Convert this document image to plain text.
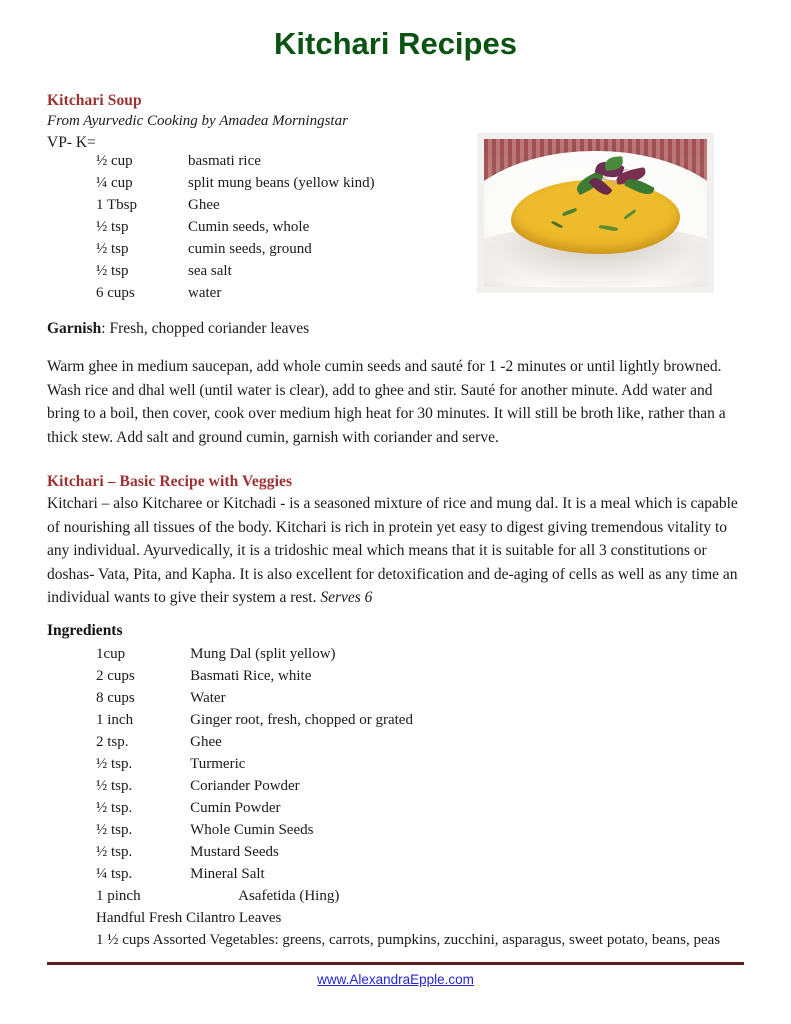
Kitchari Recipes
Kitchari Soup
From Ayurvedic Cooking by Amadea Morningstar
VP- K=
½ cup	basmati rice
¼ cup	split mung beans (yellow kind)
1 Tbsp	Ghee
½ tsp	Cumin seeds, whole
½ tsp	cumin seeds, ground
½ tsp	sea salt
6 cups	water
Garnish: Fresh, chopped coriander leaves
Warm ghee in medium saucepan, add whole cumin seeds and sauté for 1 -2 minutes or until lightly browned. Wash rice and dhal well (until water is clear), add to ghee and stir. Sauté for another minute. Add water and bring to a boil, then cover, cook over medium high heat for 30 minutes. It will still be broth like, rather than a thick stew. Add salt and ground cumin, garnish with coriander and serve.
Kitchari – Basic Recipe with Veggies
Kitchari – also Kitcharee or Kitchadi - is a seasoned mixture of rice and mung dal. It is a meal which is capable of nourishing all tissues of the body. Kitchari is rich in protein yet easy to digest giving tremendous vitality to any individual. Ayurvedically, it is a tridoshic meal which means that it is suitable for all 3 constitutions or doshas- Vata, Pita, and Kapha. It is also excellent for detoxification and de-aging of cells as well as any time an individual wants to give their system a rest. Serves 6
Ingredients
1cup	Mung Dal (split yellow)
2 cups	Basmati Rice, white
8 cups	Water
1 inch	Ginger root, fresh, chopped or grated
2 tsp.	Ghee
½ tsp.	Turmeric
½ tsp.	Coriander Powder
½ tsp.	Cumin Powder
½ tsp.	Whole Cumin Seeds
½ tsp.	Mustard Seeds
¼ tsp.	Mineral Salt
1 pinch	Asafetida (Hing)
Handful Fresh Cilantro Leaves	
1 ½ cups Assorted Vegetables: greens, carrots, pumpkins, zucchini, asparagus, sweet potato, beans, peas	
www.AlexandraEpple.com
